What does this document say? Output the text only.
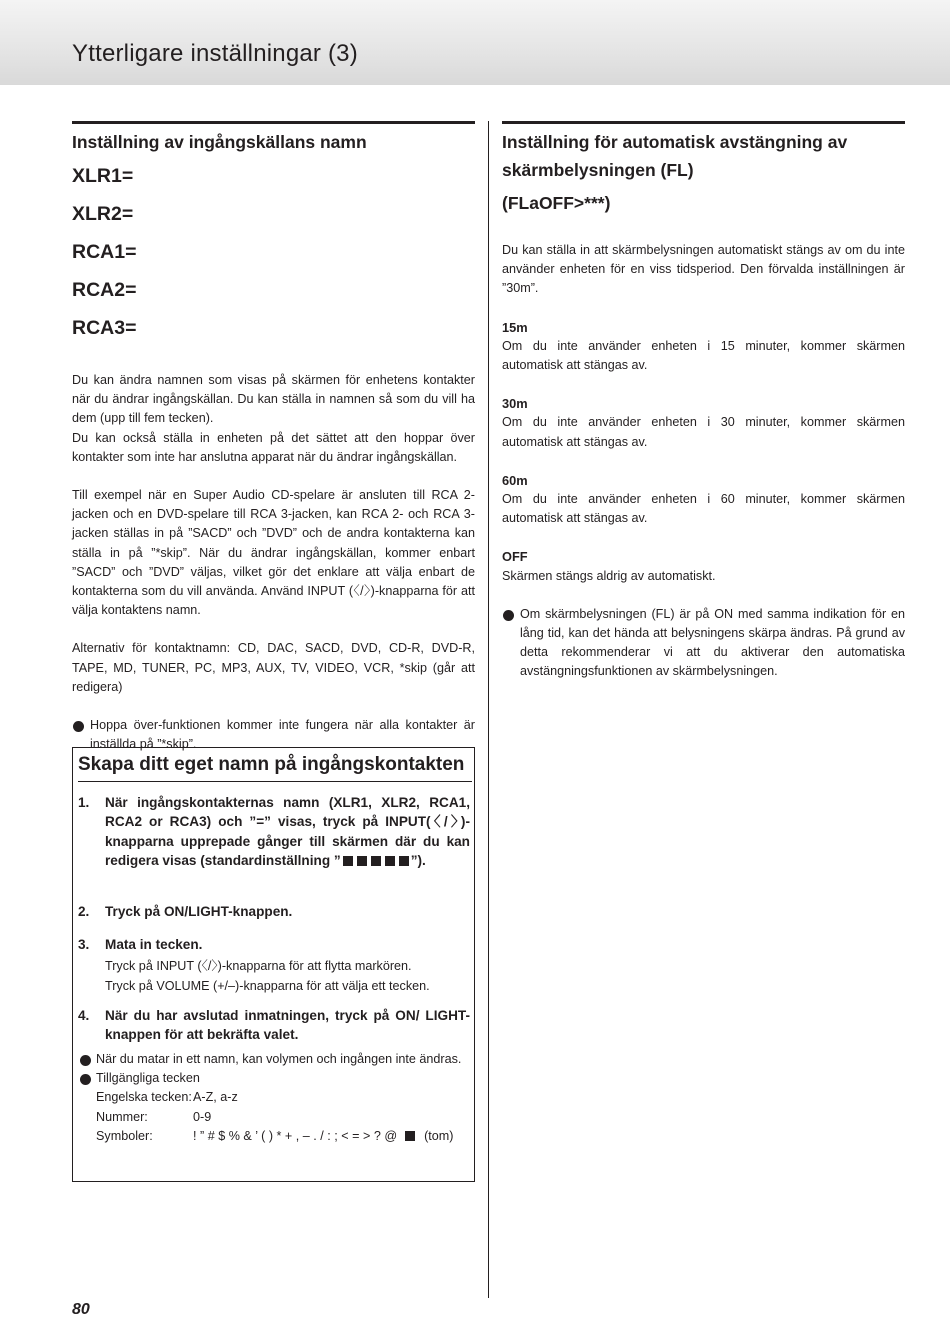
Ytterligare inställningar (3)
Inställning av ingångskällans namn

XLR1=

XLR2=

RCA1=

RCA2=

RCA3=

Du kan ändra namnen som visas på skärmen för enhetens kontakter när du ändrar ingångskällan. Du kan ställa in namnen så som du vill ha dem (upp till fem tecken).

Du kan också ställa in enheten på det sättet att den hoppar över kontakter som inte har anslutna apparat när du ändrar ingångskällan.

Till exempel när en Super Audio CD-spelare är ansluten till RCA 2-jacken och en DVD-spelare till RCA 3-jacken, kan RCA 2- och RCA 3-jacken ställas in på ”SACD” och ”DVD” och de andra kontakterna kan ställa in på ”*skip”. När du ändrar ingångskällan, kommer enbart ”SACD” och ”DVD” väljas, vilket gör det enklare att välja enbart de kontakterna som du vill använda. Använd INPUT (〈/〉)-knapparna för att välja kontaktens namn.

Alternativ för kontaktnamn: CD, DAC, SACD, DVD, CD-R, DVD-R, TAPE, MD, TUNER, PC, MP3, AUX, TV, VIDEO, VCR, *skip (går att redigera)

Hoppa över-funktionen kommer inte fungera när alla kontakter är inställda på ”*skip”.

Inställning för automatisk avstängning av skärmbelysningen (FL)

(FLaOFF>***)

Du kan ställa in att skärmbelysningen automatiskt stängs av om du inte använder enheten för en viss tidsperiod. Den förvalda inställningen är ”30m”.

15m

Om du inte använder enheten i 15 minuter, kommer skärmen automatisk att stängas av.

30m

Om du inte använder enheten i 30 minuter, kommer skärmen automatisk att stängas av.

60m

Om du inte använder enheten i 60 minuter, kommer skärmen automatisk att stängas av.

OFF

Skärmen stängs aldrig av automatiskt.

Om skärmbelysningen (FL) är på ON med samma indikation för en lång tid, kan det hända att belysningens skärpa ändras. På grund av detta rekommenderar vi att du aktiverar den automatiska avstängningsfunktionen av skärmbelysningen.

Skapa ditt eget namn på ingångskontakten
1. När ingångskontakternas namn (XLR1, XLR2, RCA1, RCA2 or RCA3) och ”=” visas, tryck på INPUT(〈/〉)-knapparna upprepade gånger till skärmen där du kan redigera visas (standardinställning ”	”).
2. Tryck på ON/LIGHT-knappen.
3. Mata in tecken.
Tryck på INPUT (〈/〉)-knapparna för att flytta markören.
Tryck på VOLUME (+/–)-knapparna för att välja ett tecken.
4. När du har avslutad inmatningen, tryck på ON/ LIGHT-knappen för att bekräfta valet.

När du matar in ett namn, kan volymen och ingången inte ändras.

Tillgängliga tecken

Engelska tecken:A-Z, a-z
Nummer:	0-9
Symboler:	! ” # $ % & ’ ( ) * + , – . / : ; < = > ? @ (tom)
80
